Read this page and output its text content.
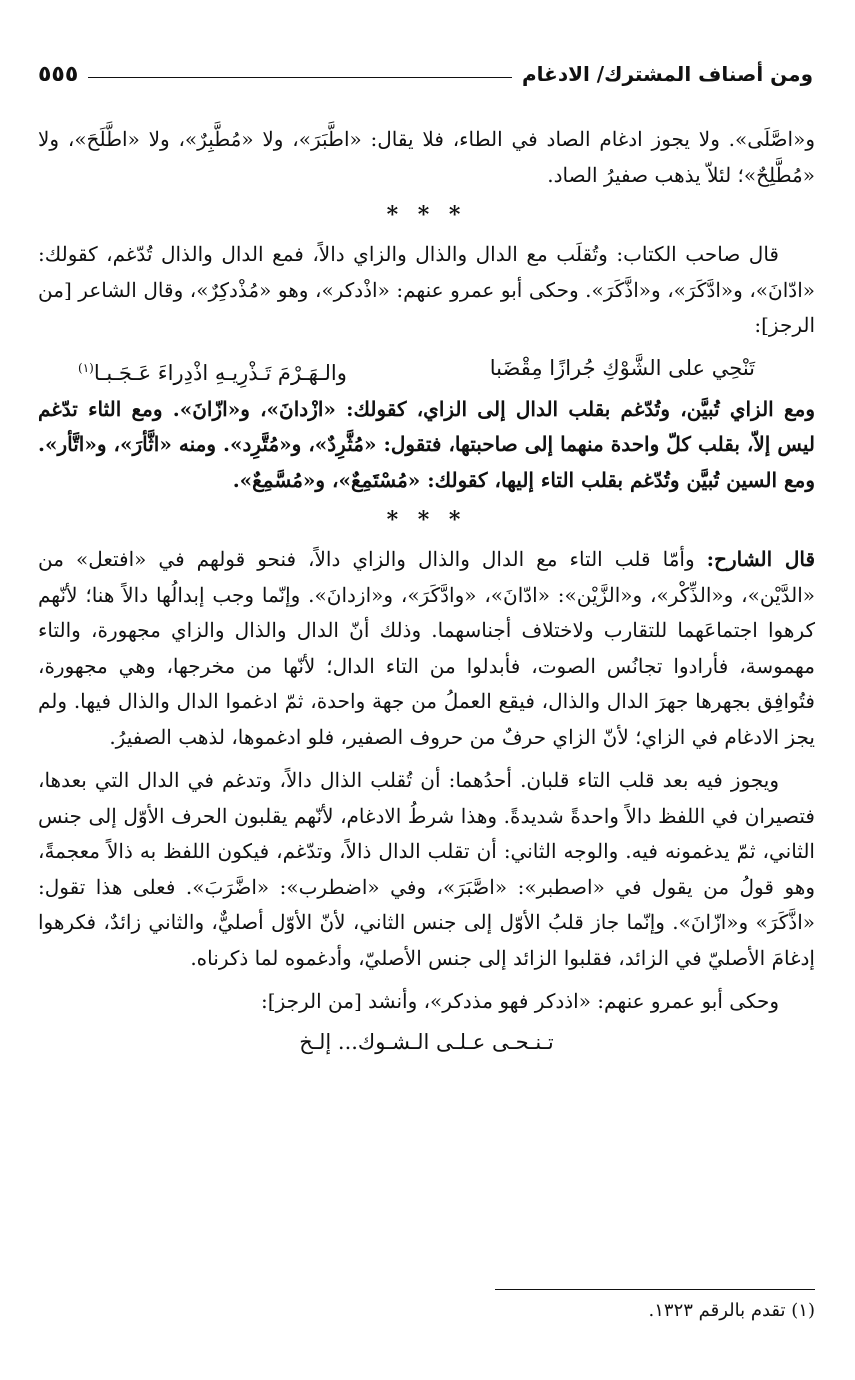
ومن أصناف المشترك/ الادغام
٥٥٥

و«اصَّلَى». ولا يجوز ادغام الصاد في الطاء، فلا يقال: «اطَّبَرَ»، ولا «مُطَّبِرٌ»، ولا «اطَّلَحَ»، ولا «مُطَّلِحٌ»؛ لئلاّ يذهب صفيرُ الصاد.

* * *

قال صاحب الكتاب: وتُقلَب مع الدال والذال والزاي دالاً، فمع الدال والذال تُدّغم، كقولك: «ادّانَ»، و«ادَّكَرَ»، و«اذَّكَرَ». وحكى أبو عمرو عنهم: «اذْدكر»، وهو «مُذْدكِرٌ»، وقال الشاعر [من الرجز]:

تَنْحِي على الشَّوْكِ جُرازًا مِقْضَبا
والـهَـرْمَ تَـذْرِيـهِ اذْدِراءَ عَـجَـبـا$^{(١)}$

ومع الزاي تُبيَّن، وتُدّغم بقلب الدال إلى الزاي، كقولك: «ازْدانَ»، و«ازّانَ». ومع الثاء تدّغم ليس إلاّ، بقلب كلّ واحدة منهما إلى صاحبتها، فتقول: «مُثَّرِدٌ»، و«مُتَّرِد». ومنه «اثَّأرَ»، و«اتَّأر». ومع السين تُبيَّن وتُدّغم بقلب التاء إليها، كقولك: «مُسْتَمِعٌ»، و«مُسَّمِعٌ».

* * *

قال الشارح: وأمّا قلب التاء مع الدال والذال والزاي دالاً، فنحو قولهم في «افتعل» من «الدَّيْن»، و«الذِّكْر»، و«الزَّيْن»: «ادّانَ»، «وادَّكَرَ»، و«ازدانَ». وإنّما وجب إبدالُها دالاً هنا؛ لأنّهم كرهوا اجتماعَهما للتقارب ولاختلاف أجناسهما. وذلك أنّ الدال والذال والزاي مجهورة، والتاء مهموسة، فأرادوا تجانُس الصوت، فأبدلوا من التاء الدال؛ لأنّها من مخرجها، وهي مجهورة، فتُوافِق بجهرها جهرَ الدال والذال، فيقع العملُ من جهة واحدة، ثمّ ادغموا الدال والذال فيها. ولم يجز الادغام في الزاي؛ لأنّ الزاي حرفٌ من حروف الصفير، فلو ادغموها، لذهب الصفيرُ.

ويجوز فيه بعد قلب التاء قلبان. أحدُهما: أن تُقلب الذال دالاً، وتدغم في الدال التي بعدها، فتصيران في اللفظ دالاً واحدةً شديدةً. وهذا شرطُ الادغام، لأنّهم يقلبون الحرف الأوّل إلى جنس الثاني، ثمّ يدغمونه فيه. والوجه الثاني: أن تقلب الدال ذالاً، وتدّغم، فيكون اللفظ به ذالاً معجمةً، وهو قولُ من يقول في «اصطبر»: «اصَّبَرَ»، وفي «اضطرب»: «اضَّرَبَ». فعلى هذا تقول: «اذَّكَرَ» و«ازّانَ». وإنّما جاز قلبُ الأوّل إلى جنس الثاني، لأنّ الأوّل أصليٌّ، والثاني زائدٌ، فكرهوا إدغامَ الأصليّ في الزائد، فقلبوا الزائد إلى جنس الأصليّ، وأدغموه لما ذكرناه.

وحكى أبو عمرو عنهم: «اذدكر فهو مذدكر»، وأنشد [من الرجز]:

تـنـحـى عـلـى الـشـوك... إلـخ
(١) تقدم بالرقم ١٣٢٣.
